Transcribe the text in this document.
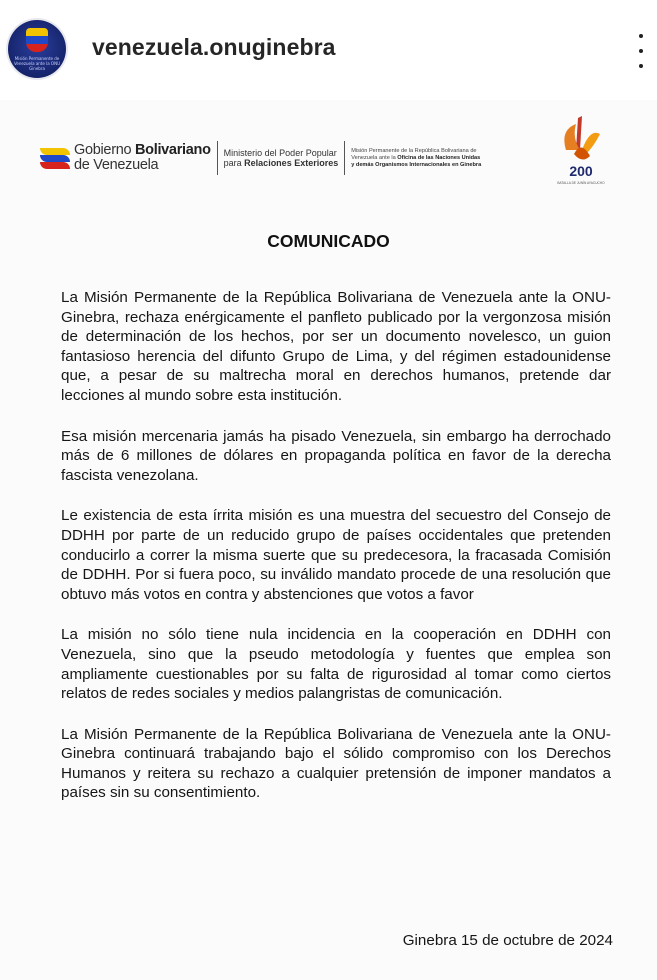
Misión Permanente de Venezuela ante la ONU Ginebra
venezuela.onuginebra
Gobierno Bolivariano
de Venezuela
Ministerio del Poder Popular
para Relaciones Exteriores
Misión Permanente de la República Bolivariana de
Venezuela ante la Oficina de las Naciones Unidas
y demás Organismos Internacionales en Ginebra	200
BATALLA DE JUNÍN AYACUCHO
COMUNICADO

La Misión Permanente de la República Bolivariana de Venezuela ante la ONU-Ginebra, rechaza enérgicamente el panfleto publicado por la vergonzosa misión de determinación de los hechos, por ser un documento novelesco, un guion fantasioso herencia del difunto Grupo de Lima, y del régimen estadounidense que, a pesar de su maltrecha moral en derechos humanos, pretende dar lecciones al mundo sobre esta institución.

Esa misión mercenaria jamás ha pisado Venezuela, sin embargo ha derrochado más de 6 millones de dólares en propaganda política en favor de la derecha fascista venezolana.

Le existencia de esta írrita misión es una muestra del secuestro del Consejo de DDHH por parte de un reducido grupo de países occidentales que pretenden conducirlo a correr la misma suerte que su predecesora, la fracasada Comisión de DDHH. Por si fuera poco, su inválido mandato procede de una resolución que obtuvo más votos en contra y abstenciones que votos a favor

La misión no sólo tiene nula incidencia en la cooperación en DDHH con Venezuela, sino que la pseudo metodología y fuentes que emplea son ampliamente cuestionables por su falta de rigurosidad al tomar como ciertos relatos de redes sociales y medios palangristas de comunicación.

La Misión Permanente de la República Bolivariana de Venezuela ante la ONU-Ginebra continuará trabajando bajo el sólido compromiso con los Derechos Humanos y reitera su rechazo a cualquier pretensión de imponer mandatos a países sin su consentimiento.

Ginebra 15 de octubre de 2024
